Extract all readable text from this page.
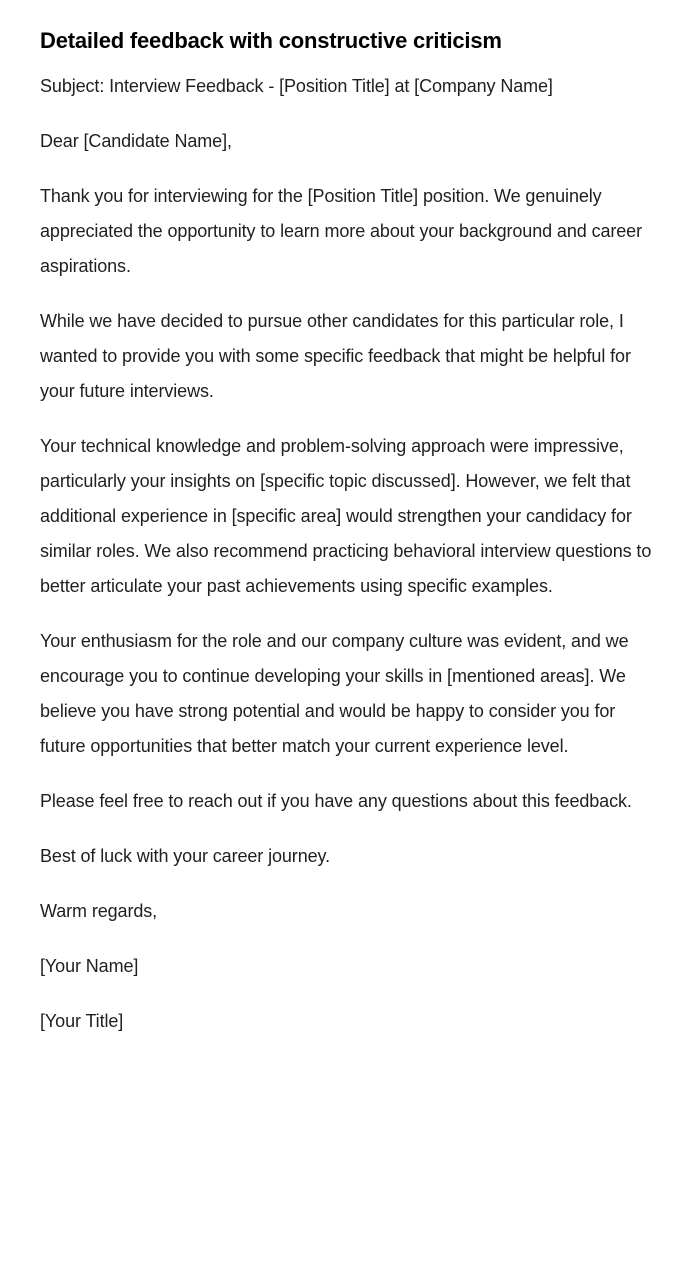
Detailed feedback with constructive criticism

Subject: Interview Feedback - [Position Title] at [Company Name]

Dear [Candidate Name],

Thank you for interviewing for the [Position Title] position. We genuinely appreciated the opportunity to learn more about your background and career aspirations.

While we have decided to pursue other candidates for this particular role, I wanted to provide you with some specific feedback that might be helpful for your future interviews.

Your technical knowledge and problem-solving approach were impressive, particularly your insights on [specific topic discussed]. However, we felt that additional experience in [specific area] would strengthen your candidacy for similar roles. We also recommend practicing behavioral interview questions to better articulate your past achievements using specific examples.

Your enthusiasm for the role and our company culture was evident, and we encourage you to continue developing your skills in [mentioned areas]. We believe you have strong potential and would be happy to consider you for future opportunities that better match your current experience level.

Please feel free to reach out if you have any questions about this feedback.

Best of luck with your career journey.

Warm regards,

[Your Name]

[Your Title]
